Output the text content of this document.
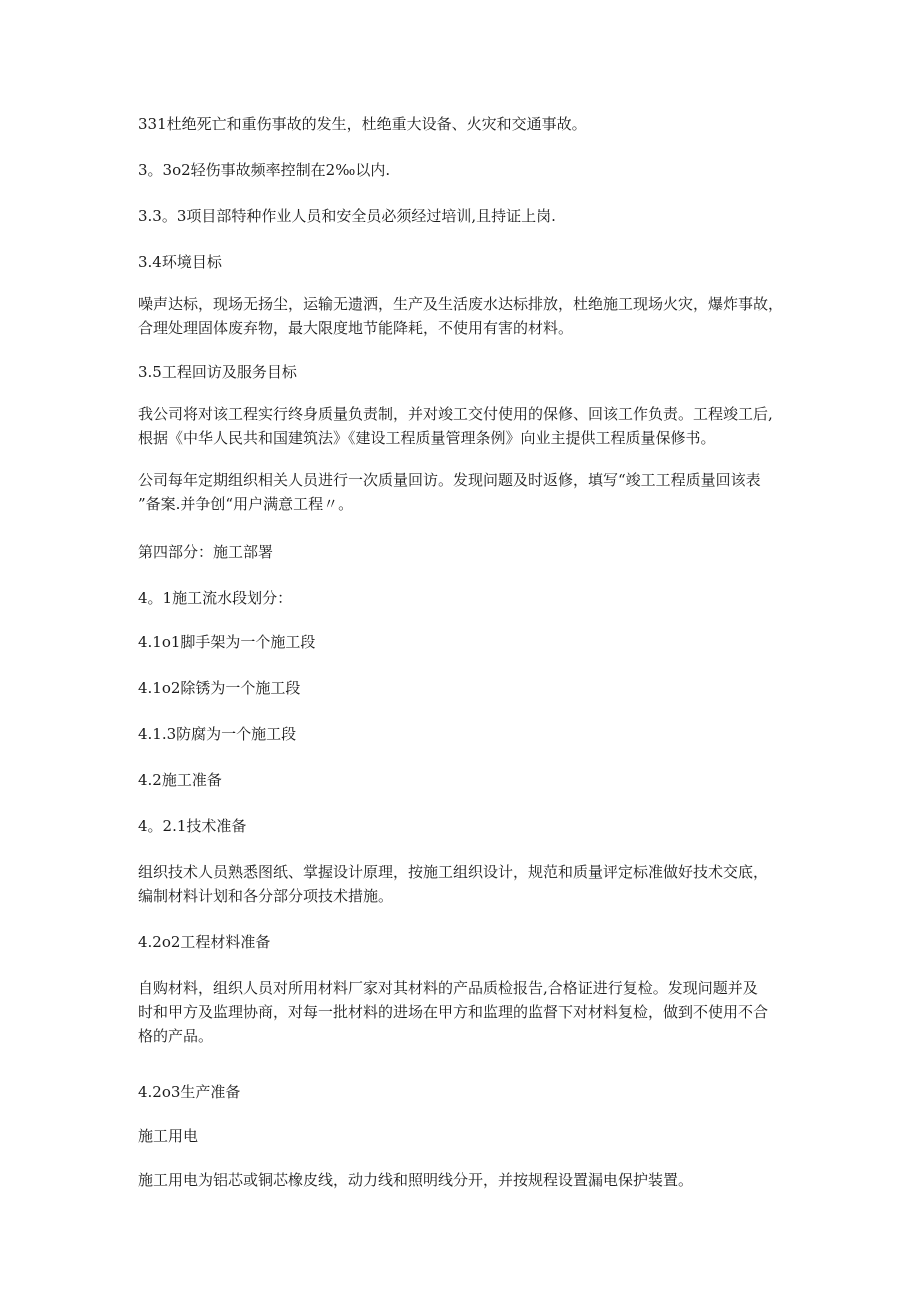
331杜绝死亡和重伤事故的发生，杜绝重大设备、火灾和交通事故。

3。3o2轻伤事故频率控制在2‰以内.

3.3。3项目部特种作业人员和安全员必须经过培训,且持证上岗.

3.4环境目标

噪声达标，现场无扬尘，运输无遗洒，生产及生活废水达标排放，杜绝施工现场火灾，爆炸事故，
合理处理固体废弃物，最大限度地节能降耗，不使用有害的材料。

3.5工程回访及服务目标

我公司将对该工程实行终身质量负责制，并对竣工交付使用的保修、回该工作负责。工程竣工后,
根据《中华人民共和国建筑法》《建设工程质量管理条例》向业主提供工程质量保修书。

公司每年定期组织相关人员进行一次质量回访。发现问题及时返修，填写“竣工工程质量回该表
”备案.并争创“用户满意工程〃。

第四部分：施工部署

4。1施工流水段划分：

4.1o1脚手架为一个施工段

4.1o2除锈为一个施工段

4.1.3防腐为一个施工段

4.2施工准备

4。2.1技术准备

组织技术人员熟悉图纸、掌握设计原理，按施工组织设计，规范和质量评定标准做好技术交底，
编制材料计划和各分部分项技术措施。

4.2o2工程材料准备

自购材料，组织人员对所用材料厂家对其材料的产品质检报告,合格证进行复检。发现问题并及
时和甲方及监理协商，对每一批材料的进场在甲方和监理的监督下对材料复检，做到不使用不合
格的产品。

4.2o3生产准备

施工用电

施工用电为铝芯或铜芯橡皮线，动力线和照明线分开，并按规程设置漏电保护装置。
